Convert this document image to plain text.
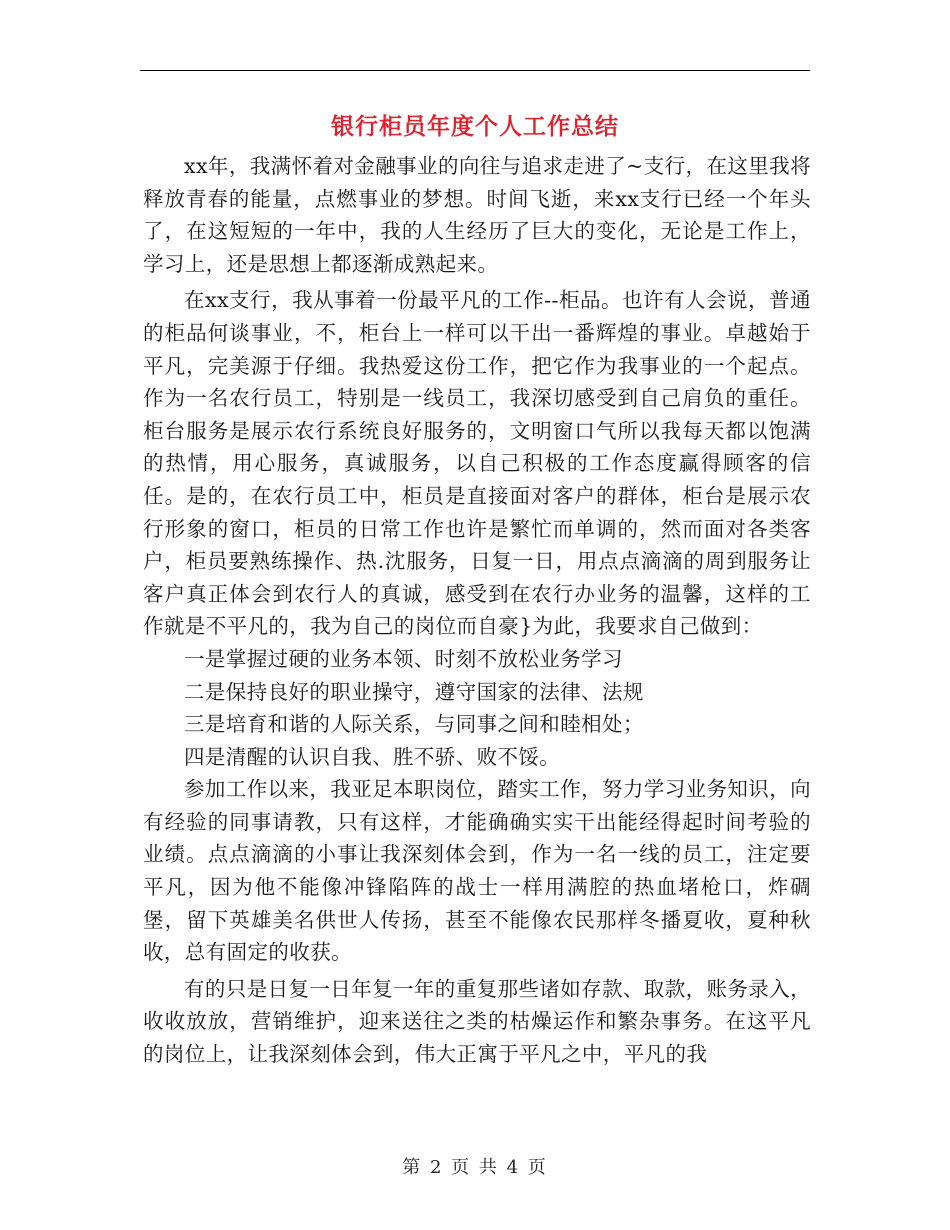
银行柜员年度个人工作总结

xx年，我满怀着对金融事业的向往与追求走进了~支行，在这里我将释放青春的能量，点燃事业的梦想。时间飞逝，来xx支行已经一个年头了，在这短短的一年中，我的人生经历了巨大的变化，无论是工作上，学习上，还是思想上都逐渐成熟起来。

在xx支行，我从事着一份最平凡的工作--柜品。也许有人会说，普通的柜品何谈事业，不，柜台上一样可以干出一番辉煌的事业。卓越始于平凡，完美源于仔细。我热爱这份工作，把它作为我事业的一个起点。作为一名农行员工，特别是一线员工，我深切感受到自己肩负的重任。柜台服务是展示农行系统良好服务的，文明窗口气所以我每天都以饱满的热情，用心服务，真诚服务，以自己积极的工作态度赢得顾客的信任。是的，在农行员工中，柜员是直接面对客户的群体，柜台是展示农行形象的窗口，柜员的日常工作也许是繁忙而单调的，然而面对各类客户，柜员要熟练操作、热.沈服务，日复一日，用点点滴滴的周到服务让客户真正体会到农行人的真诚，感受到在农行办业务的温馨，这样的工作就是不平凡的，我为自己的岗位而自豪}为此，我要求自己做到：

一是掌握过硬的业务本领、时刻不放松业务学习

二是保持良好的职业操守，遵守国家的法律、法规

三是培育和谐的人际关系，与同事之间和睦相处；

四是清醒的认识自我、胜不骄、败不馁。

参加工作以来，我亚足本职岗位，踏实工作，努力学习业务知识，向有经验的同事请教，只有这样，才能确确实实干出能经得起时间考验的业绩。点点滴滴的小事让我深刻体会到，作为一名一线的员工，注定要平凡，因为他不能像冲锋陷阵的战士一样用满腔的热血堵枪口，炸碉堡，留下英雄美名供世人传扬，甚至不能像农民那样冬播夏收，夏种秋收，总有固定的收获。

有的只是日复一日年复一年的重复那些诸如存款、取款，账务录入，收收放放，营销维护，迎来送往之类的枯燥运作和繁杂事务。在这平凡的岗位上，让我深刻体会到，伟大正寓于平凡之中，平凡的我

第 2 页 共 4 页
